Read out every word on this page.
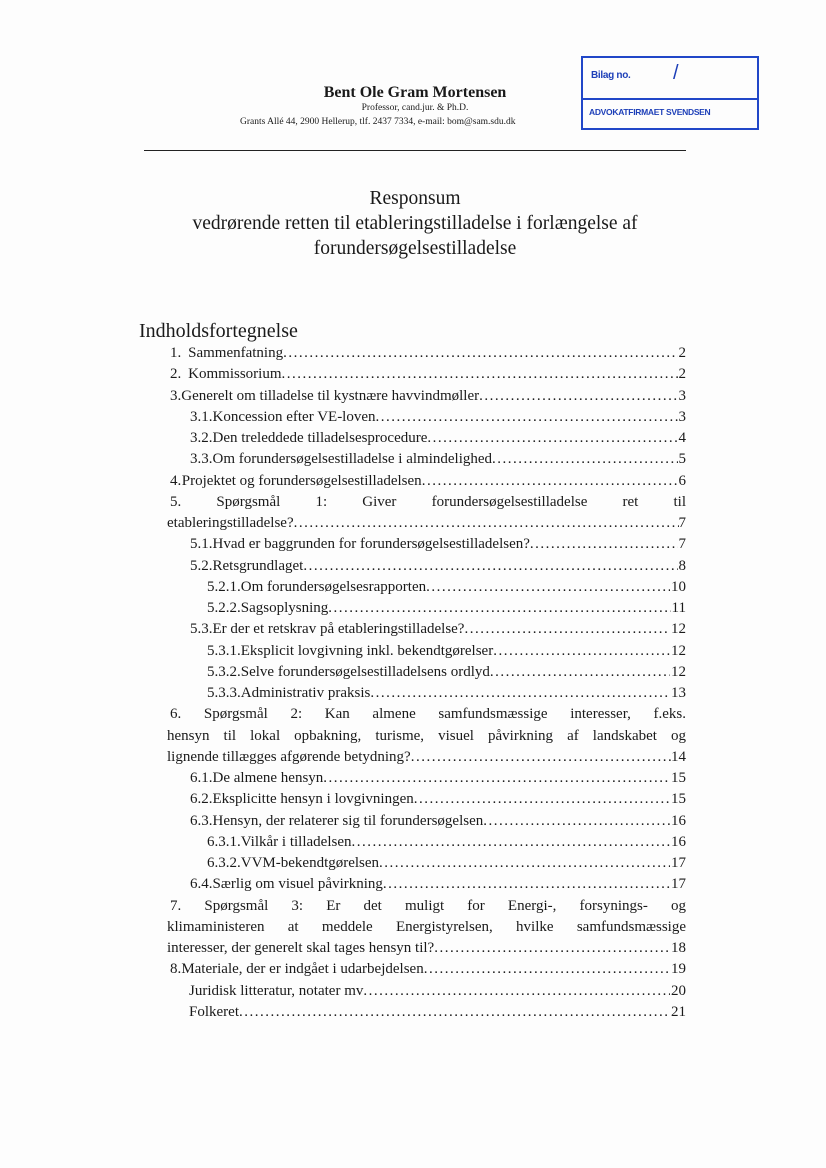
Bent Ole Gram Mortensen
Professor, cand.jur. & Ph.D.
Grants Allé 44, 2900 Hellerup, tlf. 2437 7334, e-mail: bom@sam.sdu.dk
Bilag no. /
ADVOKATFIRMAET SVENDSEN
Responsum
vedrørende retten til etableringstilladelse i forlængelse af
forundersøgelsestilladelse
Indholdsfortegnelse
1. Sammenfatning .....	2
2. Kommissorium .....	2
3. Generelt om tilladelse til kystnære havvindmøller .....	3
3.1. Koncession efter VE-loven .....	3
3.2. Den treleddede tilladelsesprocedure .....	4
3.3. Om forundersøgelsestilladelse i almindelighed .....	5
4. Projektet og forundersøgelsestilladelsen .....	6
5. Spørgsmål 1: Giver forundersøgelsestilladelse ret til
etableringstilladelse? .....	7
5.1. Hvad er baggrunden for forundersøgelsestilladelsen? .....	7
5.2. Retsgrundlaget .....	8
5.2.1. Om forundersøgelsesrapporten .....	10
5.2.2. Sagsoplysning .....	11
5.3. Er der et retskrav på etableringstilladelse? .....	12
5.3.1. Eksplicit lovgivning inkl. bekendtgørelser .....	12
5.3.2. Selve forundersøgelsestilladelsens ordlyd .....	12
5.3.3. Administrativ praksis .....	13
6. Spørgsmål 2: Kan almene samfundsmæssige interesser, f.eks.
hensyn til lokal opbakning, turisme, visuel påvirkning af landskabet og
lignende tillægges afgørende betydning? .....	14
6.1. De almene hensyn .....	15
6.2. Eksplicitte hensyn i lovgivningen .....	15
6.3. Hensyn, der relaterer sig til forundersøgelsen .....	16
6.3.1. Vilkår i tilladelsen .....	16
6.3.2. VVM-bekendtgørelsen .....	17
6.4. Særlig om visuel påvirkning .....	17
7. Spørgsmål 3: Er det muligt for Energi-, forsynings- og
klimaministeren at meddele Energistyrelsen, hvilke samfundsmæssige
interesser, der generelt skal tages hensyn til? .....	18
8. Materiale, der er indgået i udarbejdelsen .....	19
Juridisk litteratur, notater mv .....	20
Folkeret .....	21
